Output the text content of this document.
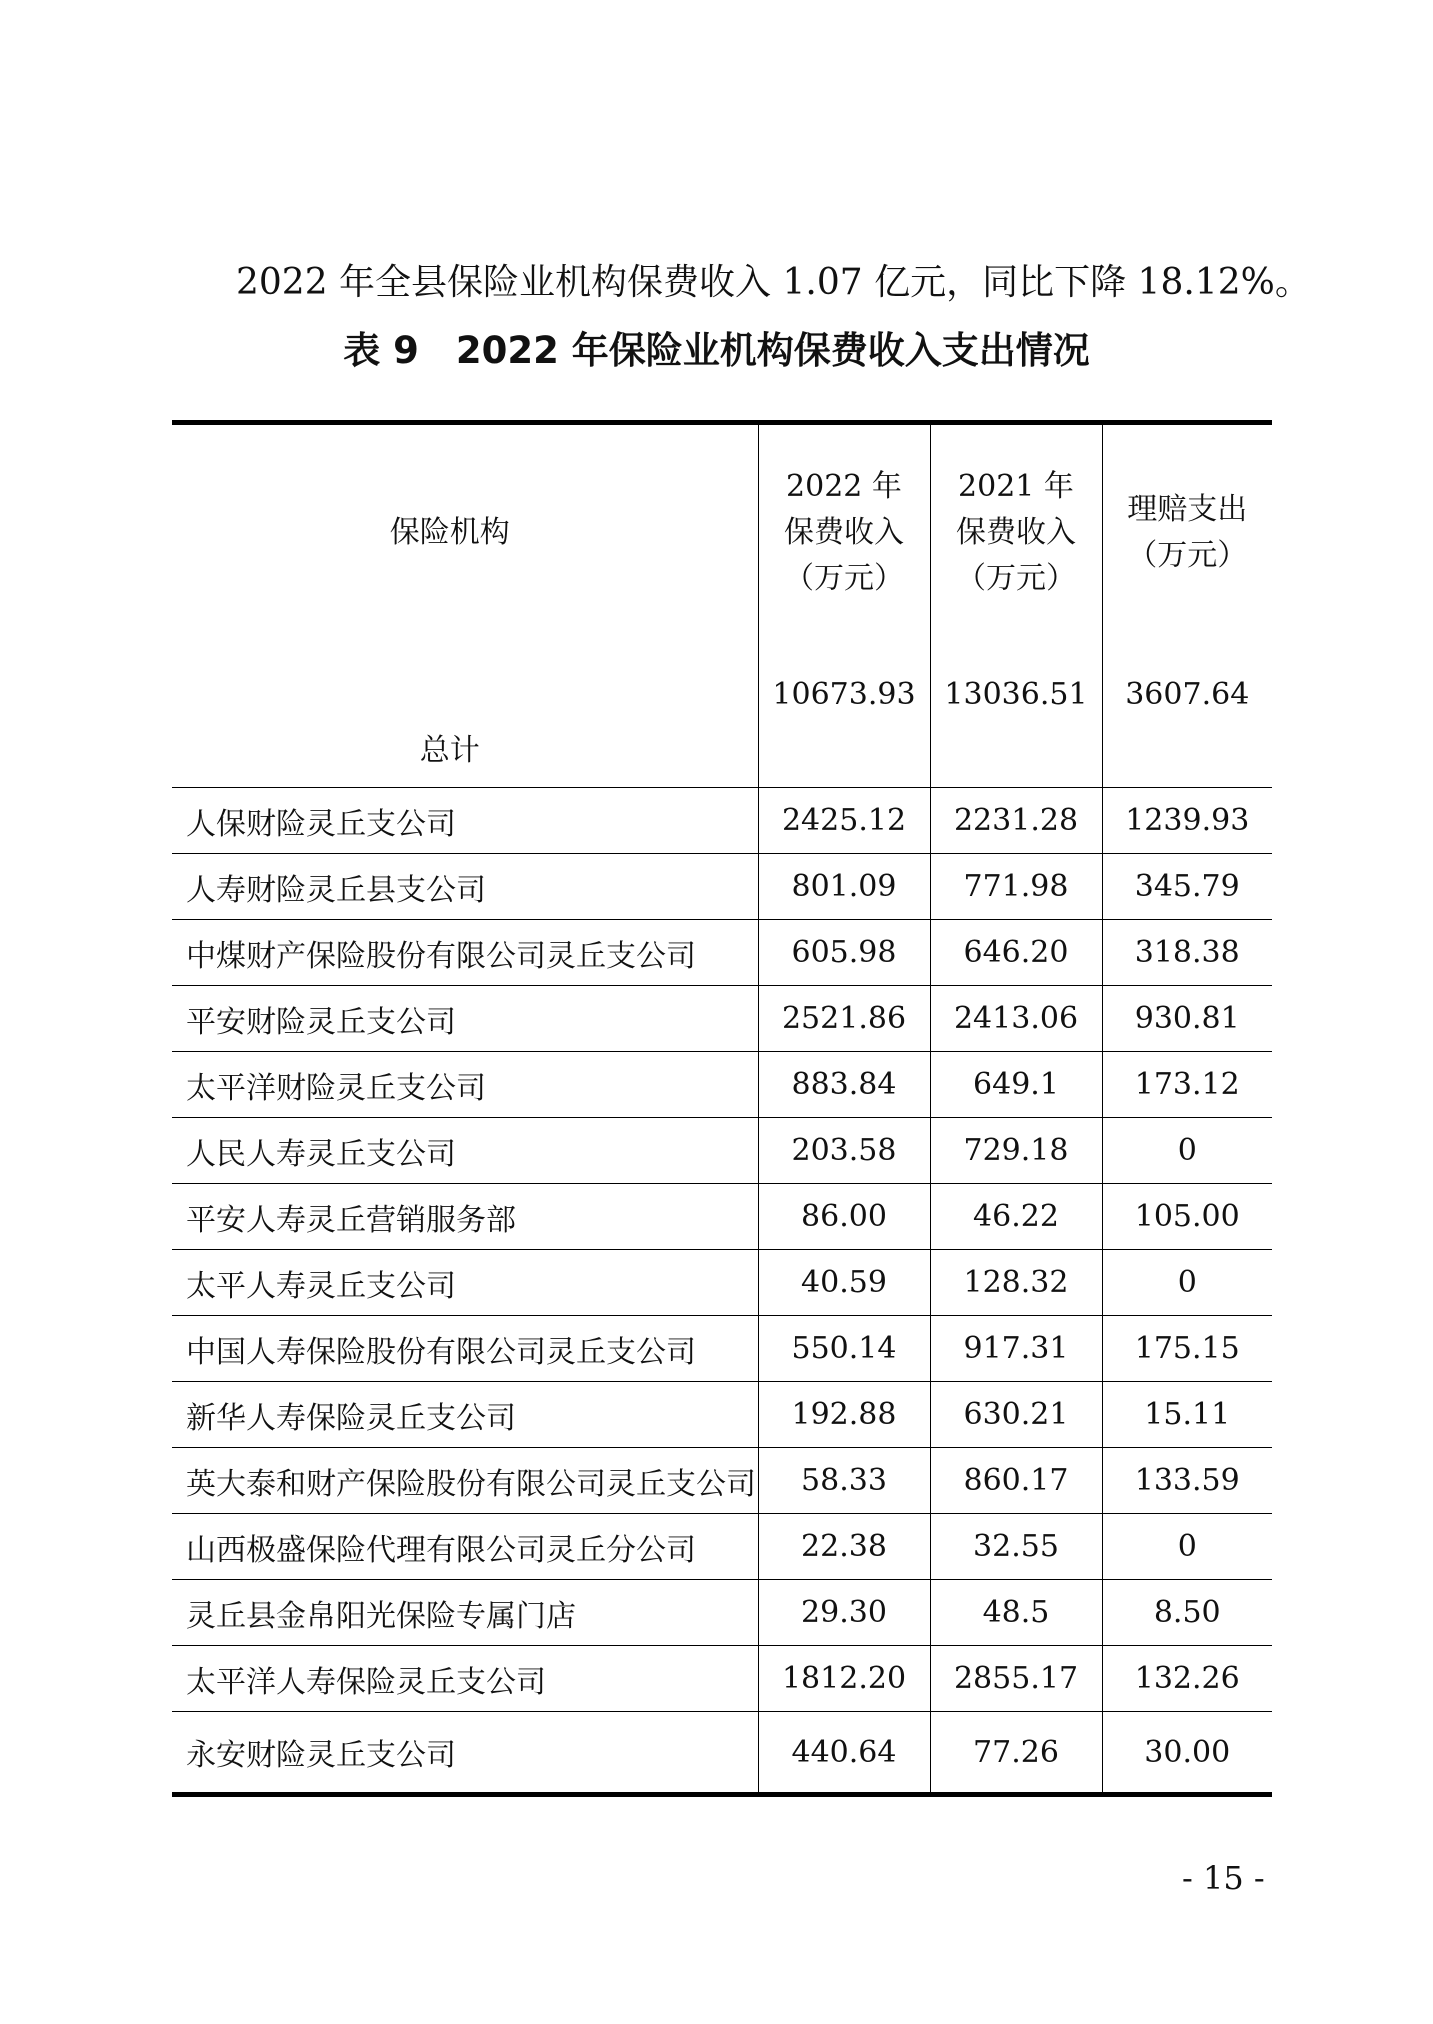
2022 年全县保险业机构保费收入 1.07 亿元，同比下降 18.12%。

表 9　2022 年保险业机构保费收入支出情况
保险机构	2022 年
保费收入
（万元）	2021 年
保费收入
（万元）	理赔支出
（万元）

总计	10673.93	13036.51	3607.64
人保财险灵丘支公司	2425.12	2231.28	1239.93
人寿财险灵丘县支公司	801.09	771.98	345.79
中煤财产保险股份有限公司灵丘支公司	605.98	646.20	318.38
平安财险灵丘支公司	2521.86	2413.06	930.81
太平洋财险灵丘支公司	883.84	649.1	173.12
人民人寿灵丘支公司	203.58	729.18	0
平安人寿灵丘营销服务部	86.00	46.22	105.00
太平人寿灵丘支公司	40.59	128.32	0
中国人寿保险股份有限公司灵丘支公司	550.14	917.31	175.15
新华人寿保险灵丘支公司	192.88	630.21	15.11
英大泰和财产保险股份有限公司灵丘支公司	58.33	860.17	133.59
山西极盛保险代理有限公司灵丘分公司	22.38	32.55	0
灵丘县金帛阳光保险专属门店	29.30	48.5	8.50
太平洋人寿保险灵丘支公司	1812.20	2855.17	132.26
永安财险灵丘支公司	440.64	77.26	30.00
- 15 -
